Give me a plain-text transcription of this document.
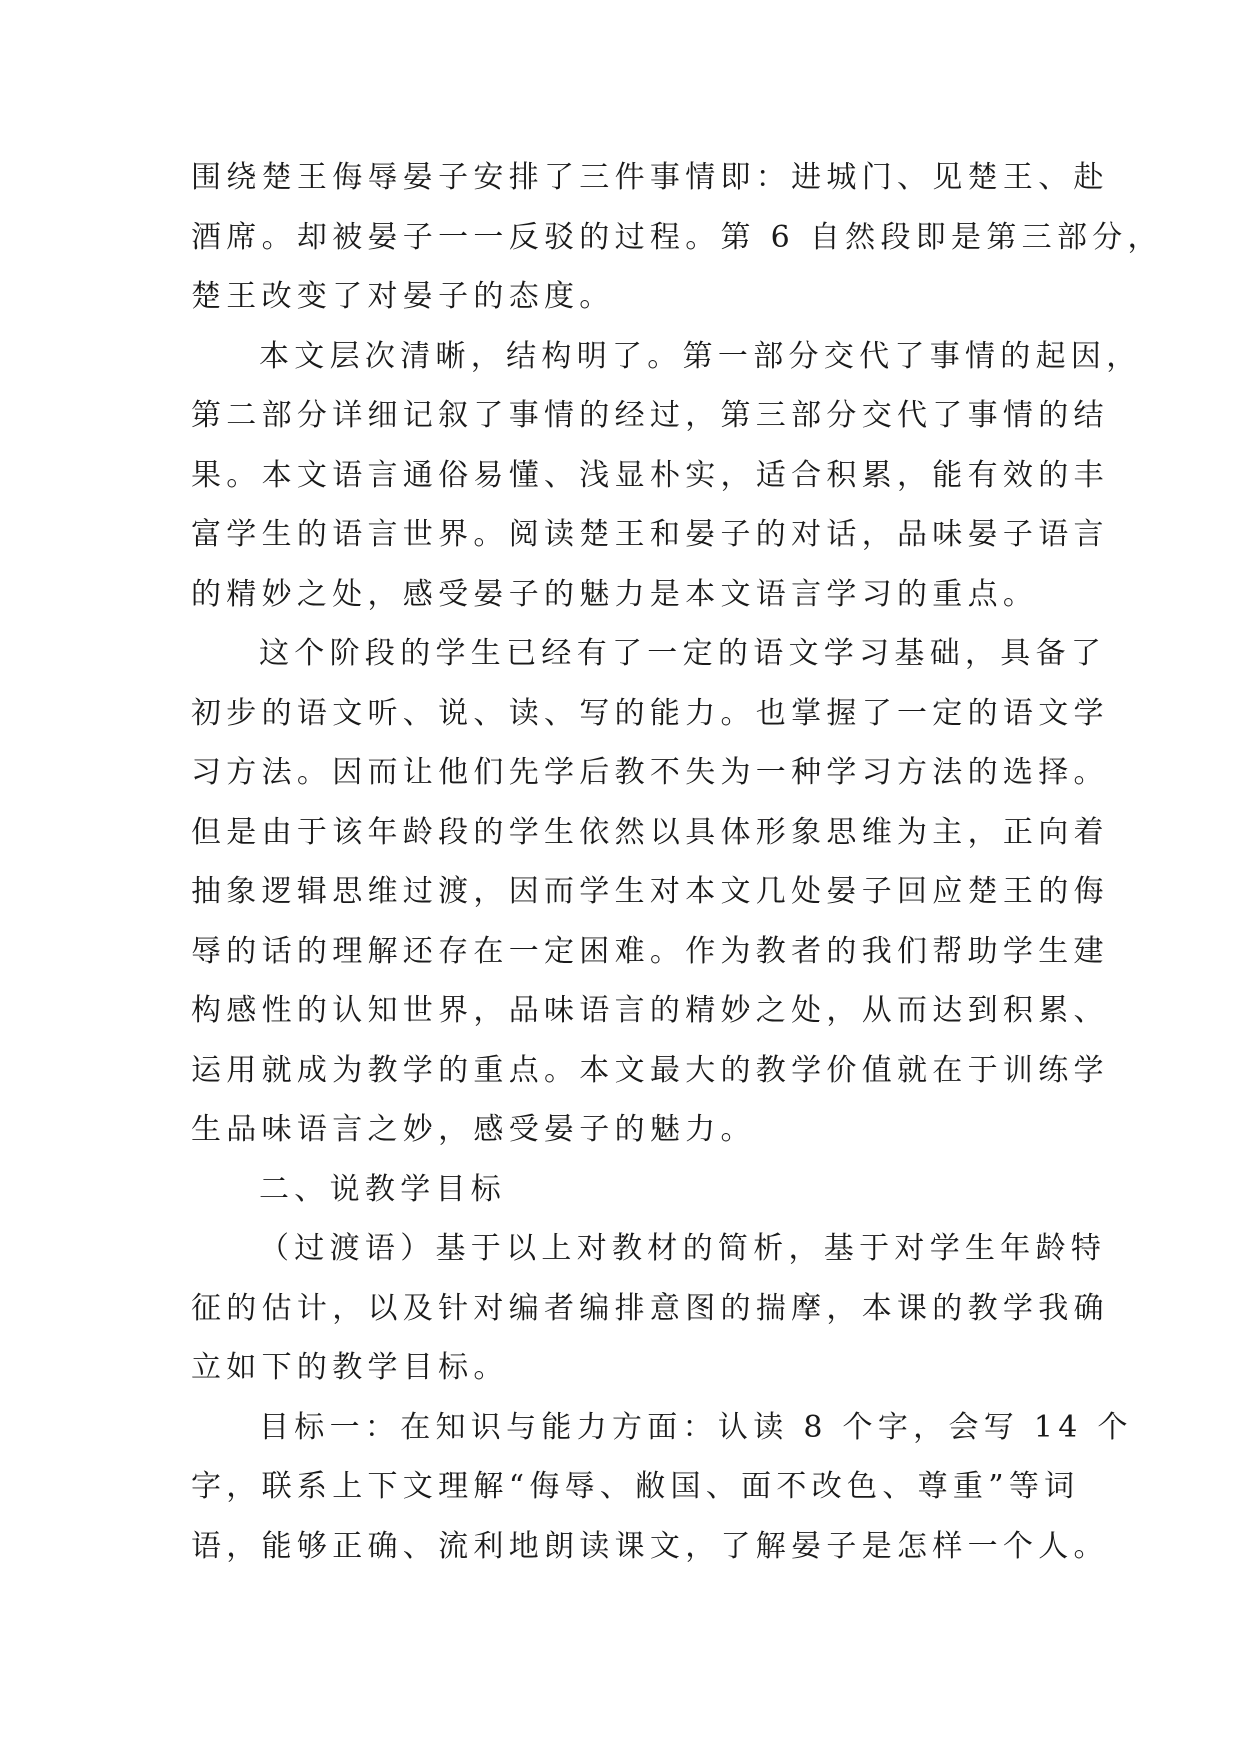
围绕楚王侮辱晏子安排了三件事情即：进城门、见楚王、赴
酒席。却被晏子一一反驳的过程。第 6 自然段即是第三部分，
楚王改变了对晏子的态度。
本文层次清晰，结构明了。第一部分交代了事情的起因，
第二部分详细记叙了事情的经过，第三部分交代了事情的结
果。本文语言通俗易懂、浅显朴实，适合积累，能有效的丰
富学生的语言世界。阅读楚王和晏子的对话，品味晏子语言
的精妙之处，感受晏子的魅力是本文语言学习的重点。
这个阶段的学生已经有了一定的语文学习基础，具备了
初步的语文听、说、读、写的能力。也掌握了一定的语文学
习方法。因而让他们先学后教不失为一种学习方法的选择。
但是由于该年龄段的学生依然以具体形象思维为主，正向着
抽象逻辑思维过渡，因而学生对本文几处晏子回应楚王的侮
辱的话的理解还存在一定困难。作为教者的我们帮助学生建
构感性的认知世界，品味语言的精妙之处，从而达到积累、
运用就成为教学的重点。本文最大的教学价值就在于训练学
生品味语言之妙，感受晏子的魅力。
二、说教学目标
（过渡语）基于以上对教材的简析，基于对学生年龄特
征的估计，以及针对编者编排意图的揣摩，本课的教学我确
立如下的教学目标。
目标一：在知识与能力方面：认读 8 个字，会写 14 个
字，联系上下文理解“侮辱、敝国、面不改色、尊重”等词
语，能够正确、流利地朗读课文，了解晏子是怎样一个人。
